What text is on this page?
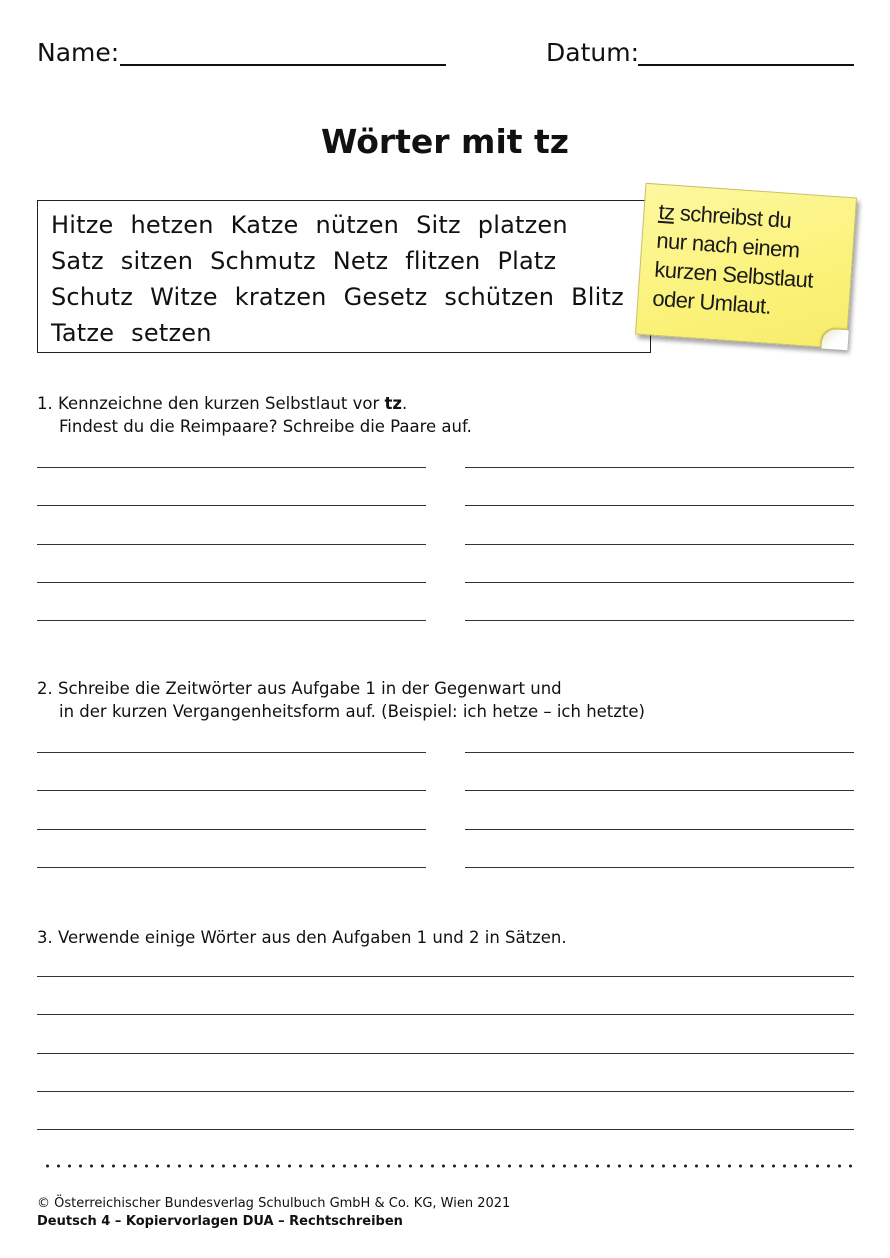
Name:	Datum:
Wörter mit tz
Hitze hetzen Katze nützen Sitz platzen
Satz sitzen Schmutz Netz flitzen Platz
Schutz Witze kratzen Gesetz schützen Blitz
Tatze setzen
tz schreibst du
nur nach einem
kurzen Selbstlaut
oder Umlaut.
1. Kennzeichne den kurzen Selbstlaut vor tz.
Findest du die Reimpaare? Schreibe die Paare auf.
2. Schreibe die Zeitwörter aus Aufgabe 1 in der Gegenwart und
in der kurzen Vergangenheitsform auf. (Beispiel: ich hetze – ich hetzte)
3. Verwende einige Wörter aus den Aufgaben 1 und 2 in Sätzen.
© Österreichischer Bundesverlag Schulbuch GmbH & Co. KG, Wien 2021
Deutsch 4 – Kopiervorlagen DUA – Rechtschreiben
